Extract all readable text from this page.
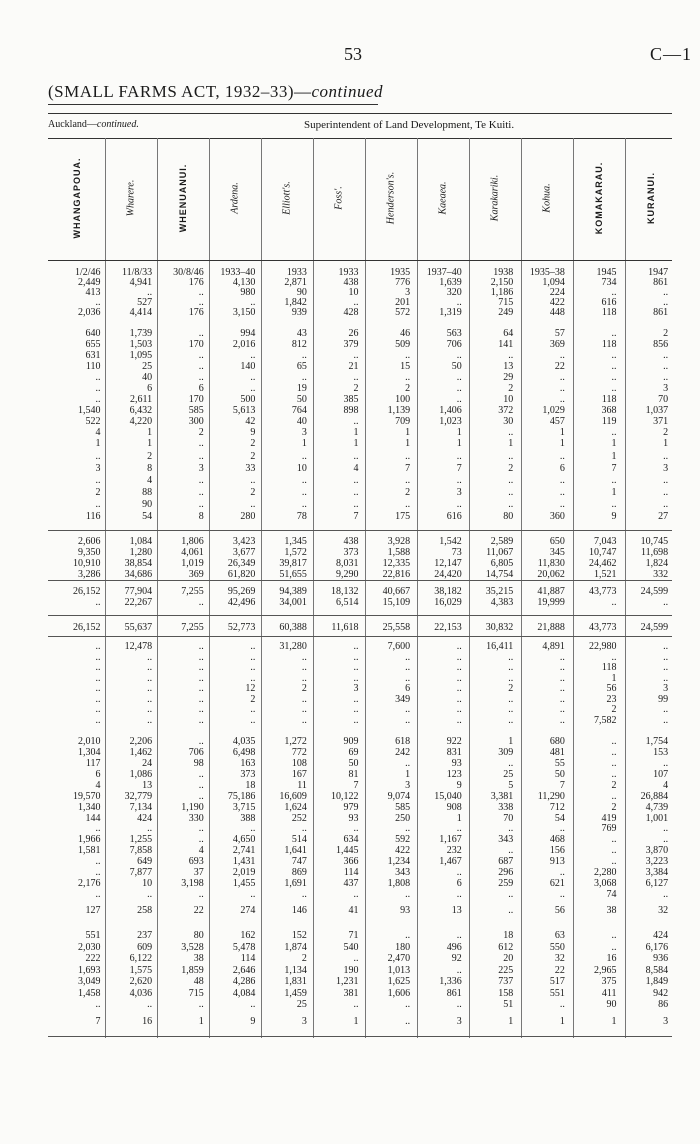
53	C—1
(SMALL FARMS ACT, 1932–33)—continued
Auckland—continued.	Superintendent of Land Development, Te Kuiti.
WHANGAPOUA.	Wharere.	WHENUANUI.	Ardena.	Elliott's.	Foss'.	Henderson's.	Kaeaea.	Karakariki.	Kohua.	KOMAKARAU.	KURANUI.
1/2/46	11/8/33	30/8/46	1933–40	1933	1933	1935	1937–40	1938	1935–38	1945	1947
2,449	4,941	176	4,130	2,871	438	776	1,639	2,150	1,094	734	861
413	..	..	980	90	10	3	320	1,186	224	..	..
..	527	..	..	1,842	..	201	..	715	422	616	..
2,036	4,414	176	3,150	939	428	572	1,319	249	448	118	861
640	1,739	..	994	43	26	46	563	64	57	..	2
655	1,503	170	2,016	812	379	509	706	141	369	118	856
631	1,095	..	..	..	..	..	..	..	..	..	..
110	25	..	140	65	21	15	50	13	22	..	..
..	40	..	..	..	..	..	..	29	..	..	..
..	6	6	..	19	2	2	..	2	..	..	3
..	2,611	170	500	50	385	100	..	10	..	118	70
1,540	6,432	585	5,613	764	898	1,139	1,406	372	1,029	368	1,037
522	4,220	300	42	40	..	709	1,023	30	457	119	371
4	1	2	9	3	1	1	1	..	1	..	2
1	1	..	2	1	1	1	1	1	1	1	1
..	2	..	2	..	..	..	..	..	..	1	..
3	8	3	33	10	4	7	7	2	6	7	3
..	4	..	..	..	..	..	..	..	..	..	..
2	88	..	2	..	..	2	3	..	..	1	..
..	90	..	..	..	..	..	..	..	..	..	..
116	54	8	280	78	7	175	616	80	360	9	27
2,606	1,084	1,806	3,423	1,345	438	3,928	1,542	2,589	650	7,043	10,745
9,350	1,280	4,061	3,677	1,572	373	1,588	73	11,067	345	10,747	11,698
10,910	38,854	1,019	26,349	39,817	8,031	12,335	12,147	6,805	11,830	24,462	1,824
3,286	34,686	369	61,820	51,655	9,290	22,816	24,420	14,754	20,062	1,521	332
26,152	77,904	7,255	95,269	94,389	18,132	40,667	38,182	35,215	41,887	43,773	24,599
..	22,267	..	42,496	34,001	6,514	15,109	16,029	4,383	19,999	..	..
26,152	55,637	7,255	52,773	60,388	11,618	25,558	22,153	30,832	21,888	43,773	24,599
..	12,478	..	..	31,280	..	7,600	..	16,411	4,891	22,980	..
..	..	..	..	..	..	..	..	..	..	..	..
..	..	..	..	..	..	..	..	..	..	118	..
..	..	..	..	..	..	..	..	..	..	1	..
..	..	..	12	2	3	6	..	2	..	56	3
..	..	..	2	..	..	349	..	..	..	23	99
..	..	..	..	..	..	..	..	..	..	2	..
..	..	..	..	..	..	..	..	..	..	7,582	..
2,010	2,206	..	4,035	1,272	909	618	922	1	680	..	1,754
1,304	1,462	706	6,498	772	69	242	831	309	481	..	153
117	24	98	163	108	50	..	93	..	55	..	..
6	1,086	..	373	167	81	1	123	25	50	..	107
4	13	..	18	11	7	3	9	5	7	2	4
19,570	32,779	..	75,186	16,609	10,122	9,074	15,040	3,381	11,290	..	26,884
1,340	7,134	1,190	3,715	1,624	979	585	908	338	712	2	4,739
144	424	330	388	252	93	250	1	70	54	419	1,001
..	..	..	..	..	..	..	..	..	..	769	..
1,966	1,255	..	4,650	514	634	592	1,167	343	468	..	..
1,581	7,858	4	2,741	1,641	1,445	422	232	..	156	..	3,870
..	649	693	1,431	747	366	1,234	1,467	687	913	..	3,223
..	7,877	37	2,019	869	114	343	..	296	..	2,280	3,384
2,176	10	3,198	1,455	1,691	437	1,808	6	259	621	3,068	6,127
..	..	..	..	..	..	..	..	..	..	74	..
127	258	22	274	146	41	93	13	..	56	38	32
551	237	80	162	152	71	..	..	18	63	..	424
2,030	609	3,528	5,478	1,874	540	180	496	612	550	..	6,176
222	6,122	38	114	2	..	2,470	92	20	32	16	936
1,693	1,575	1,859	2,646	1,134	190	1,013	..	225	22	2,965	8,584
3,049	2,620	48	4,286	1,831	1,231	1,625	1,336	737	517	375	1,849
1,458	4,036	715	4,084	1,459	381	1,606	861	158	551	411	942
..	..	..	..	25	..	..	..	51	..	90	86
7	16	1	9	3	1	..	3	1	1	1	3
